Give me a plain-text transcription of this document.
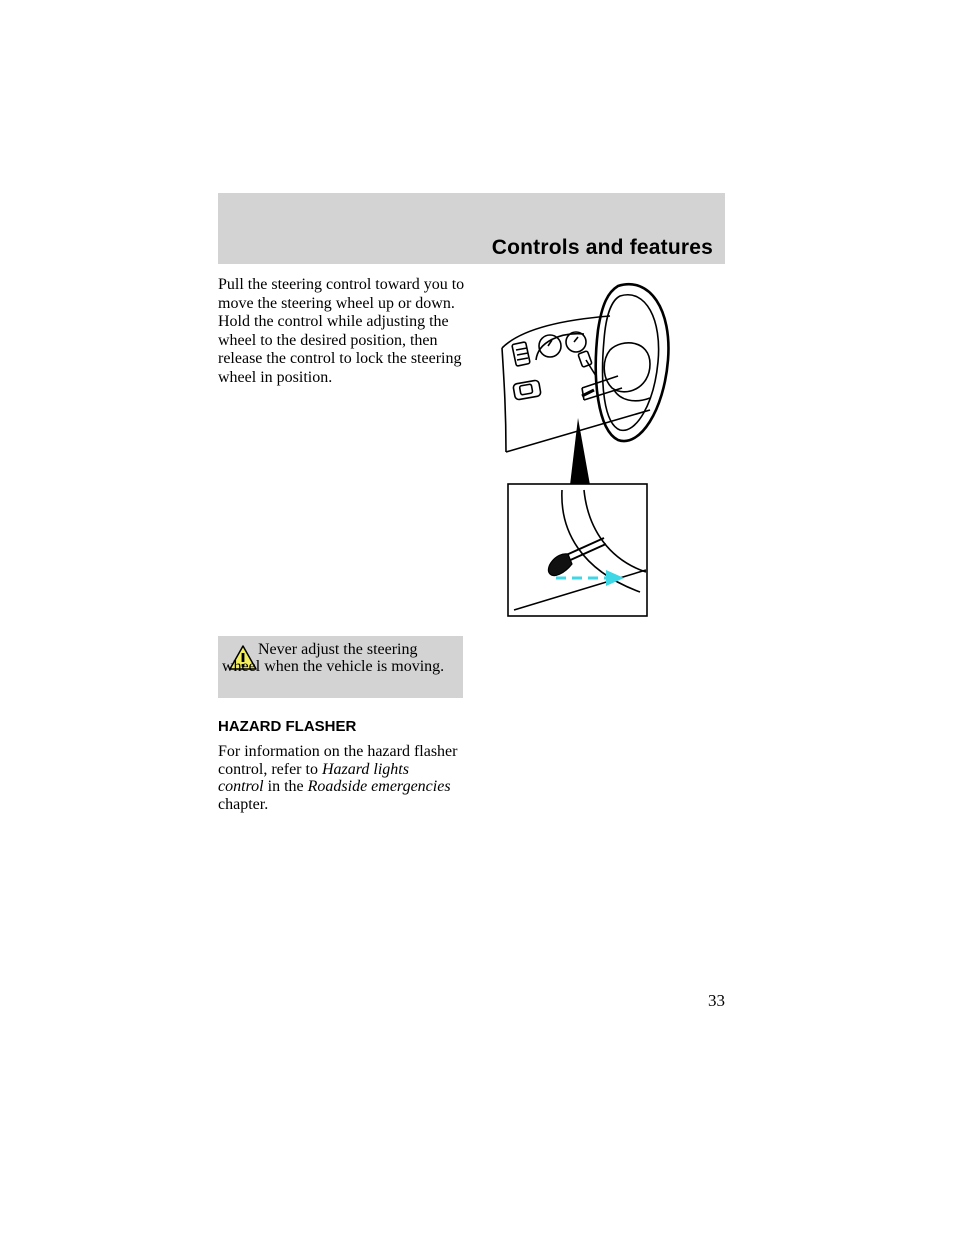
Controls and features

Pull the steering control toward you to move the steering wheel up or down. Hold the control while adjusting the wheel to the desired position, then release the control to lock the steering wheel in position.

Never adjust the steering wheel when the vehicle is moving.

HAZARD FLASHER

For information on the hazard flasher control, refer to Hazard lights control in the Roadside emergencies chapter.

33
